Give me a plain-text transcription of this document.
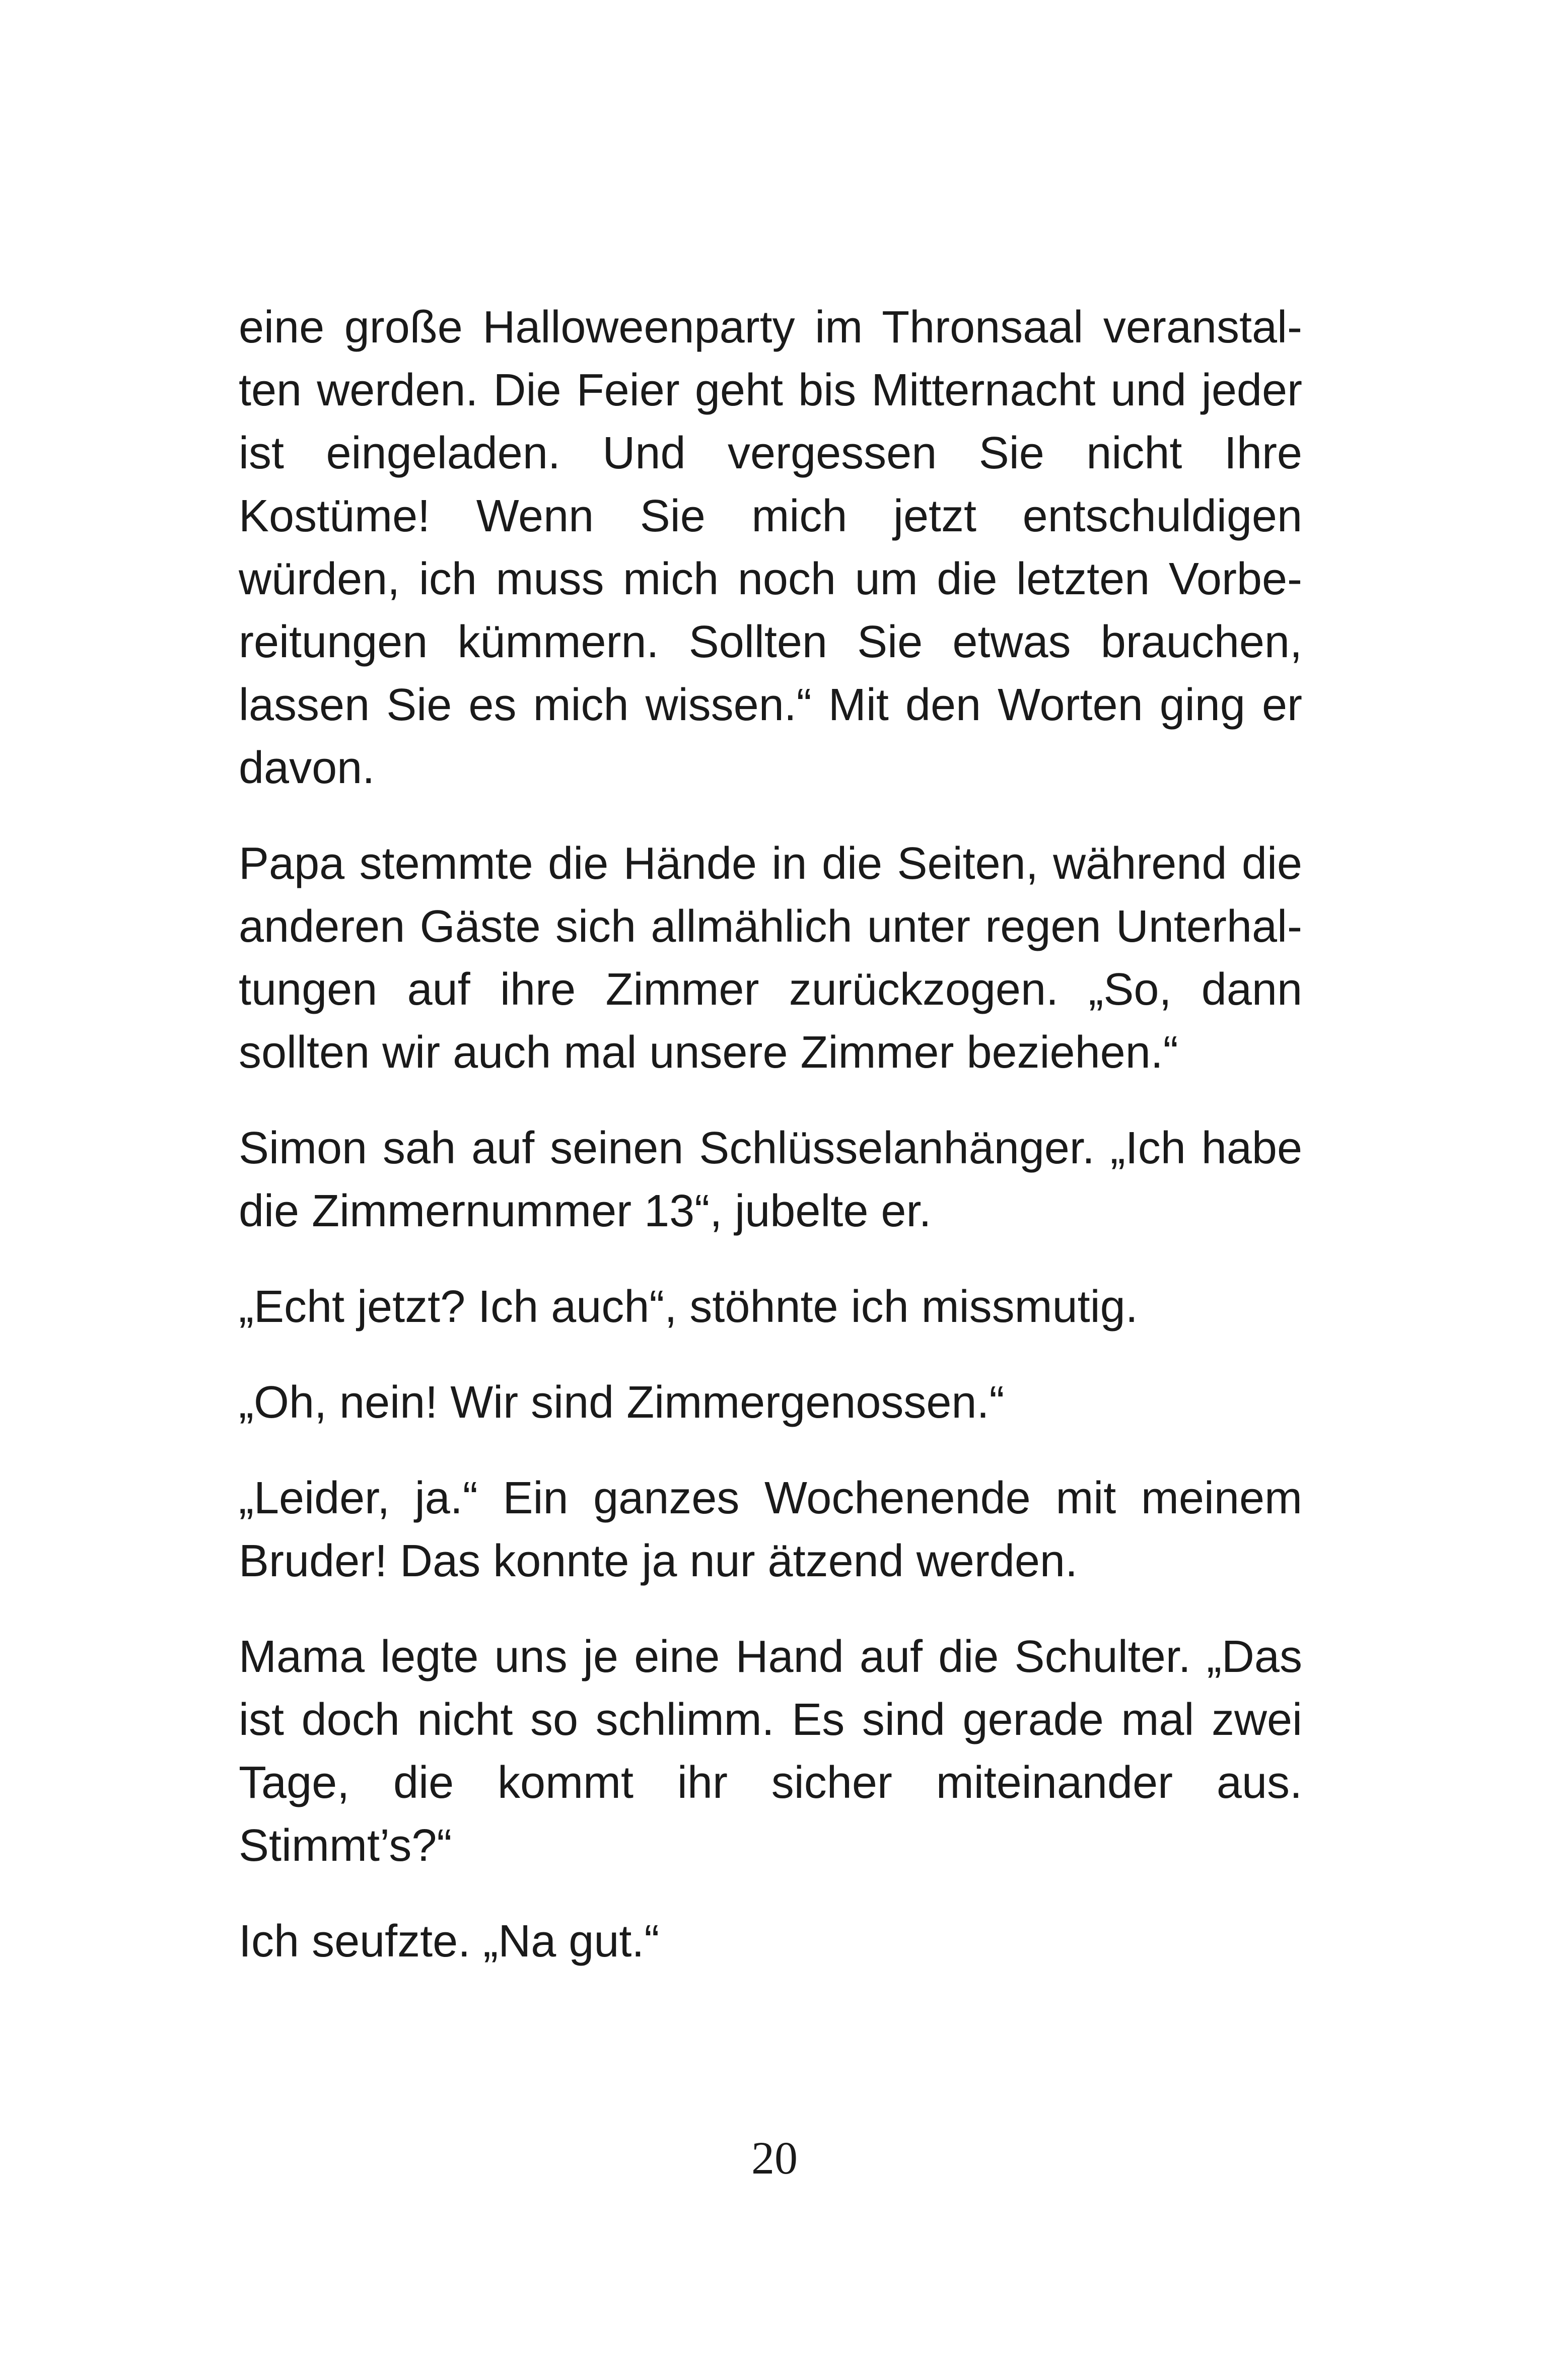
eine große Halloweenparty im Thronsaal veranstal-
ten werden. Die Feier geht bis Mitternacht und jeder
ist eingeladen. Und vergessen Sie nicht Ihre
Kostüme! Wenn Sie mich jetzt entschuldigen
würden, ich muss mich noch um die letzten Vorbe-
reitungen kümmern. Sollten Sie etwas brauchen,
lassen Sie es mich wissen.“ Mit den Worten ging er
davon.

Papa stemmte die Hände in die Seiten, während die
anderen Gäste sich allmählich unter regen Unterhal-
tungen auf ihre Zimmer zurückzogen. „So, dann
sollten wir auch mal unsere Zimmer beziehen.“

Simon sah auf seinen Schlüsselanhänger. „Ich habe
die Zimmernummer 13“, jubelte er.

„Echt jetzt? Ich auch“, stöhnte ich missmutig.

„Oh, nein! Wir sind Zimmergenossen.“

„Leider, ja.“ Ein ganzes Wochenende mit meinem
Bruder! Das konnte ja nur ätzend werden.

Mama legte uns je eine Hand auf die Schulter. „Das
ist doch nicht so schlimm. Es sind gerade mal zwei
Tage, die kommt ihr sicher miteinander aus.
Stimmt’s?“

Ich seufzte. „Na gut.“

20
